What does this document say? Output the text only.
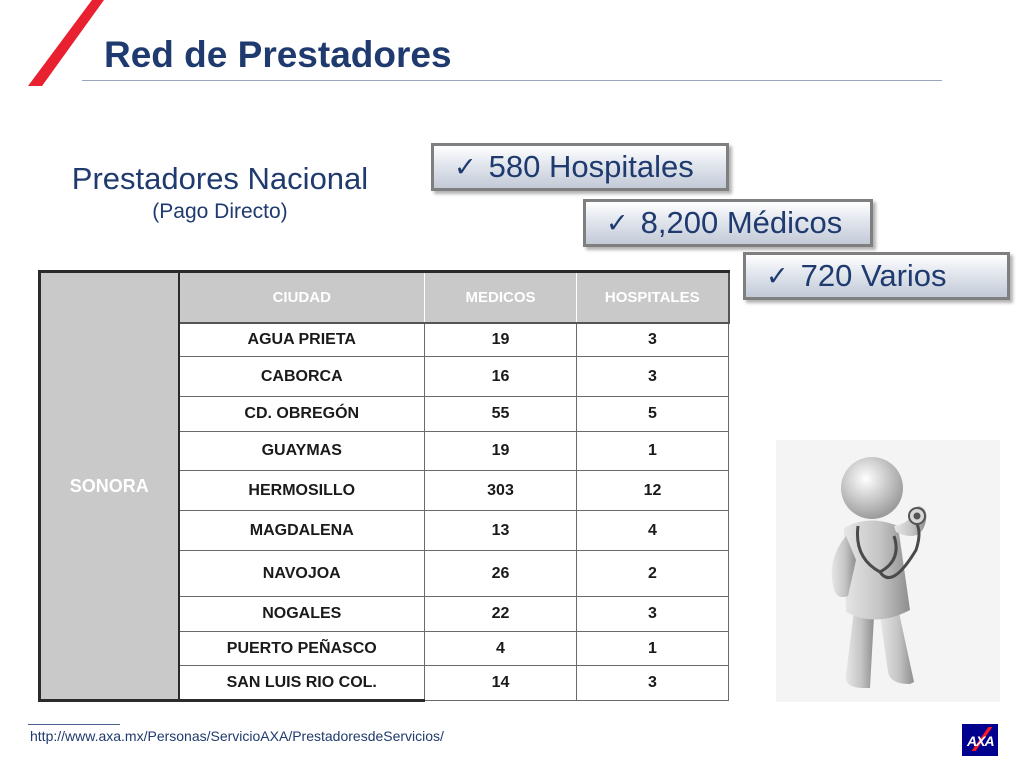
Red de Prestadores
Prestadores Nacional
(Pago Directo)
✓ 580 Hospitales
✓ 8,200 Médicos
✓ 720 Varios
SONORA	CIUDAD	MEDICOS	HOSPITALES
	AGUA PRIETA	19	3
	CABORCA	16	3
	CD. OBREGÓN	55	5
	GUAYMAS	19	1
	HERMOSILLO	303	12
	MAGDALENA	13	4
	NAVOJOA	26	2
	NOGALES	22	3
	PUERTO PEÑASCO	4	1
	SAN LUIS RIO COL.	14	3
http://www.axa.mx/Personas/ServicioAXA/PrestadoresdeServicios/	AXA
